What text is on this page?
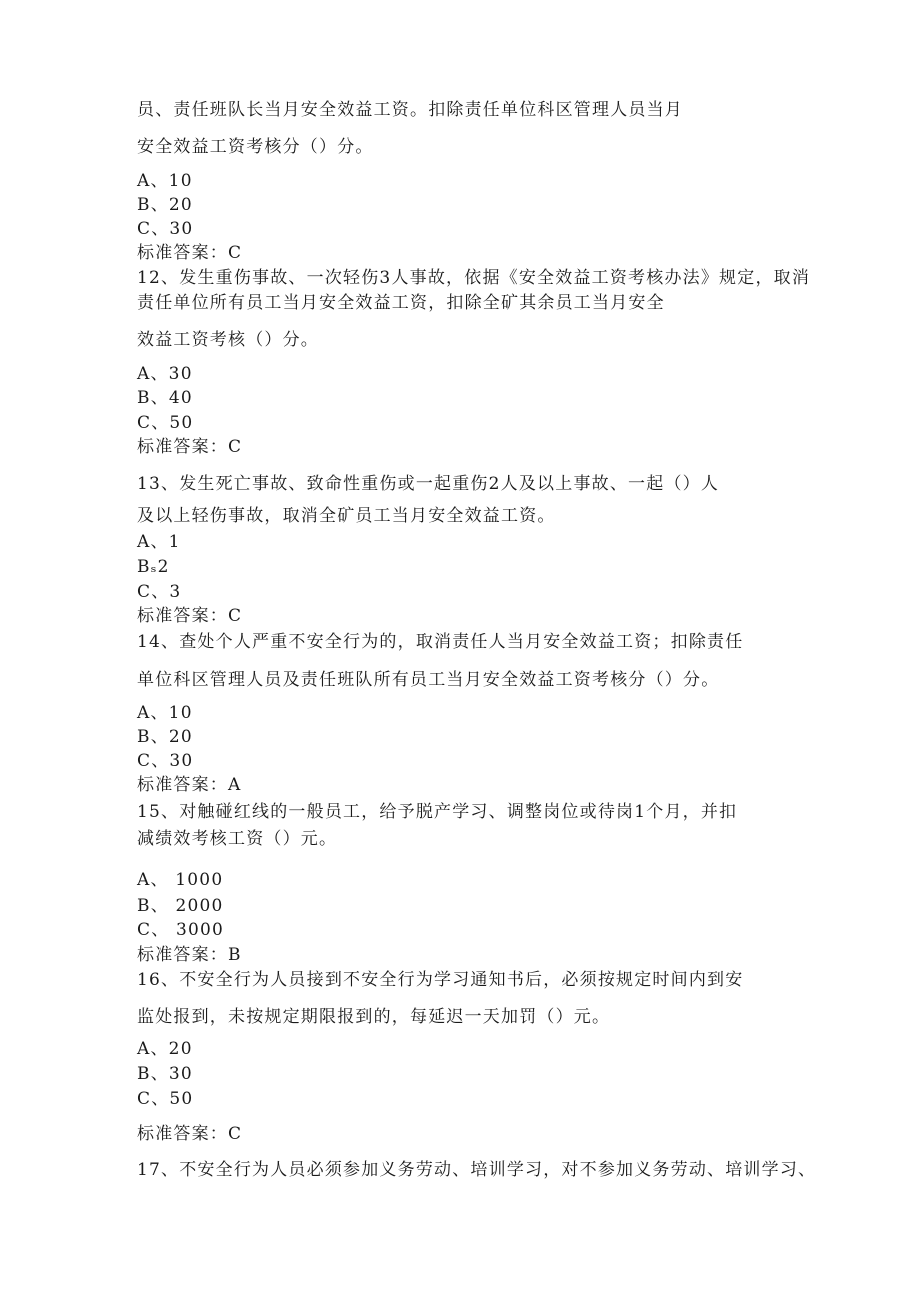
员、责任班队长当月安全效益工资。扣除责任单位科区管理人员当月
安全效益工资考核分（）分。
A、10
B、20
C、30
标准答案：C
12、发生重伤事故、一次轻伤3人事故，依据《安全效益工资考核办法》规定，取消
责任单位所有员工当月安全效益工资，扣除全矿其余员工当月安全
效益工资考核（）分。
A、30
B、40
C、50
标准答案：C
13、发生死亡事故、致命性重伤或一起重伤2人及以上事故、一起（）人
及以上轻伤事故，取消全矿员工当月安全效益工资。
A、1
Bₛ2
C、3
标准答案：C
14、查处个人严重不安全行为的，取消责任人当月安全效益工资；扣除责任
单位科区管理人员及责任班队所有员工当月安全效益工资考核分（）分。
A、10
B、20
C、30
标准答案：A
15、对触碰红线的一般员工，给予脱产学习、调整岗位或待岗1个月，并扣
减绩效考核工资（）元。
A、 1000
B、 2000
C、 3000
标准答案：B
16、不安全行为人员接到不安全行为学习通知书后，必须按规定时间内到安
监处报到，未按规定期限报到的，每延迟一天加罚（）元。
A、20
B、30
C、50
标准答案：C
17、不安全行为人员必须参加义务劳动、培训学习，对不参加义务劳动、培训学习、
